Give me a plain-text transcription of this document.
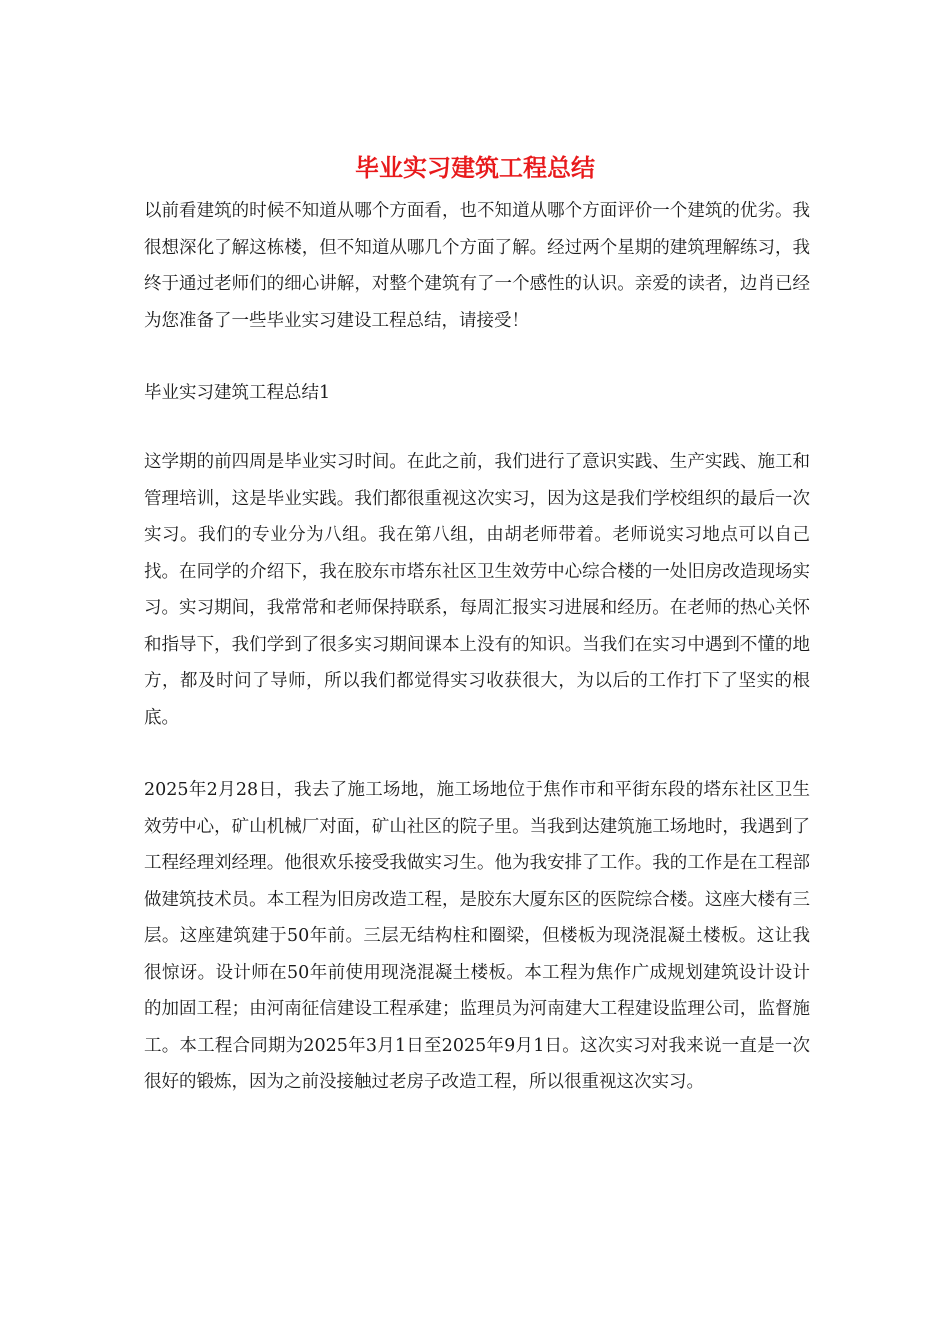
毕业实习建筑工程总结

以前看建筑的时候不知道从哪个方面看，也不知道从哪个方面评价一个建筑的优劣。我很想深化了解这栋楼，但不知道从哪几个方面了解。经过两个星期的建筑理解练习，我终于通过老师们的细心讲解，对整个建筑有了一个感性的认识。亲爱的读者，边肖已经为您准备了一些毕业实习建设工程总结，请接受！

毕业实习建筑工程总结1

这学期的前四周是毕业实习时间。在此之前，我们进行了意识实践、生产实践、施工和管理培训，这是毕业实践。我们都很重视这次实习，因为这是我们学校组织的最后一次实习。我们的专业分为八组。我在第八组，由胡老师带着。老师说实习地点可以自己找。在同学的介绍下，我在胶东市塔东社区卫生效劳中心综合楼的一处旧房改造现场实习。实习期间，我常常和老师保持联系，每周汇报实习进展和经历。在老师的热心关怀和指导下，我们学到了很多实习期间课本上没有的知识。当我们在实习中遇到不懂的地方，都及时问了导师，所以我们都觉得实习收获很大，为以后的工作打下了坚实的根底。

2025年2月28日，我去了施工场地，施工场地位于焦作市和平街东段的塔东社区卫生效劳中心，矿山机械厂对面，矿山社区的院子里。当我到达建筑施工场地时，我遇到了工程经理刘经理。他很欢乐接受我做实习生。他为我安排了工作。我的工作是在工程部做建筑技术员。本工程为旧房改造工程，是胶东大厦东区的医院综合楼。这座大楼有三层。这座建筑建于50年前。三层无结构柱和圈梁，但楼板为现浇混凝土楼板。这让我很惊讶。设计师在50年前使用现浇混凝土楼板。本工程为焦作广成规划建筑设计设计的加固工程；由河南征信建设工程承建；监理员为河南建大工程建设监理公司，监督施工。本工程合同期为2025年3月1日至2025年9月1日。这次实习对我来说一直是一次很好的锻炼，因为之前没接触过老房子改造工程，所以很重视这次实习。
